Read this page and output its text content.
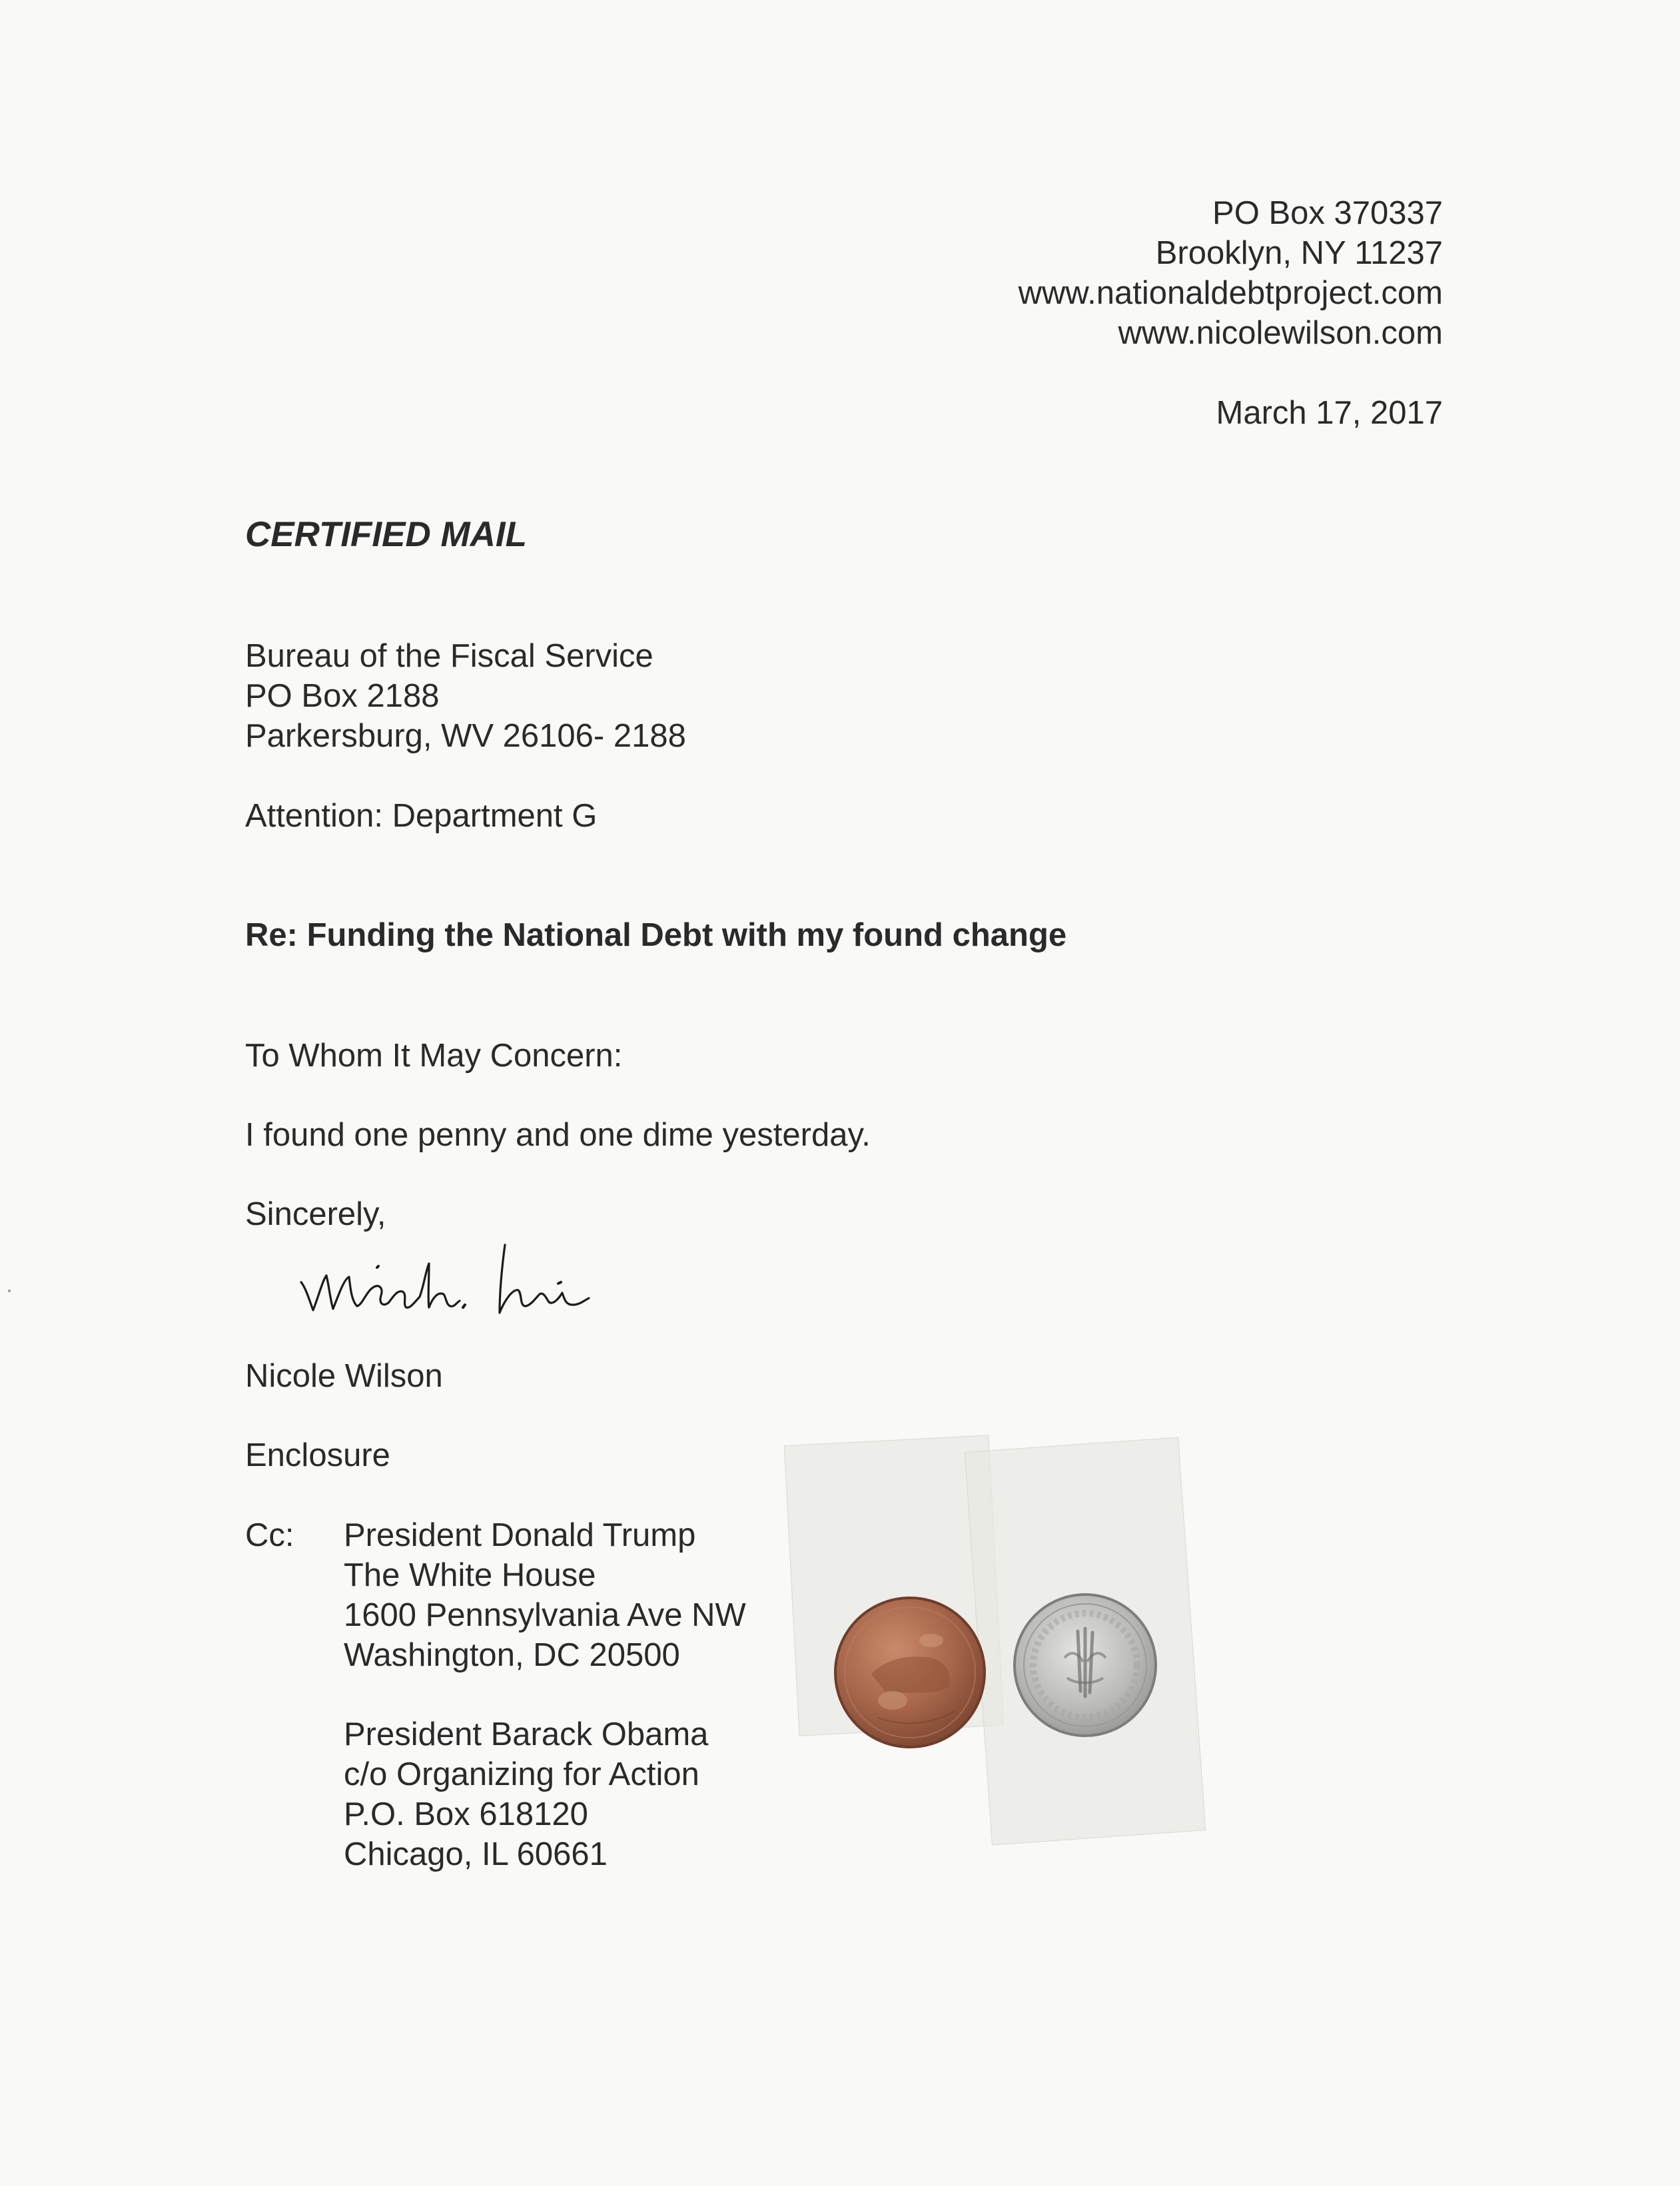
PO Box 370337
Brooklyn, NY 11237
www.nationaldebtproject.com
www.nicolewilson.com
March 17, 2017
CERTIFIED MAIL
Bureau of the Fiscal Service
PO Box 2188
Parkersburg, WV 26106- 2188
Attention: Department G
Re: Funding the National Debt with my found change
To Whom It May Concern:
I found one penny and one dime yesterday.
Sincerely,
Nicole Wilson
Enclosure
Cc: President Donald Trump
The White House
1600 Pennsylvania Ave NW
Washington, DC 20500
President Barack Obama
c/o Organizing for Action
P.O. Box 618120
Chicago, IL 60661
